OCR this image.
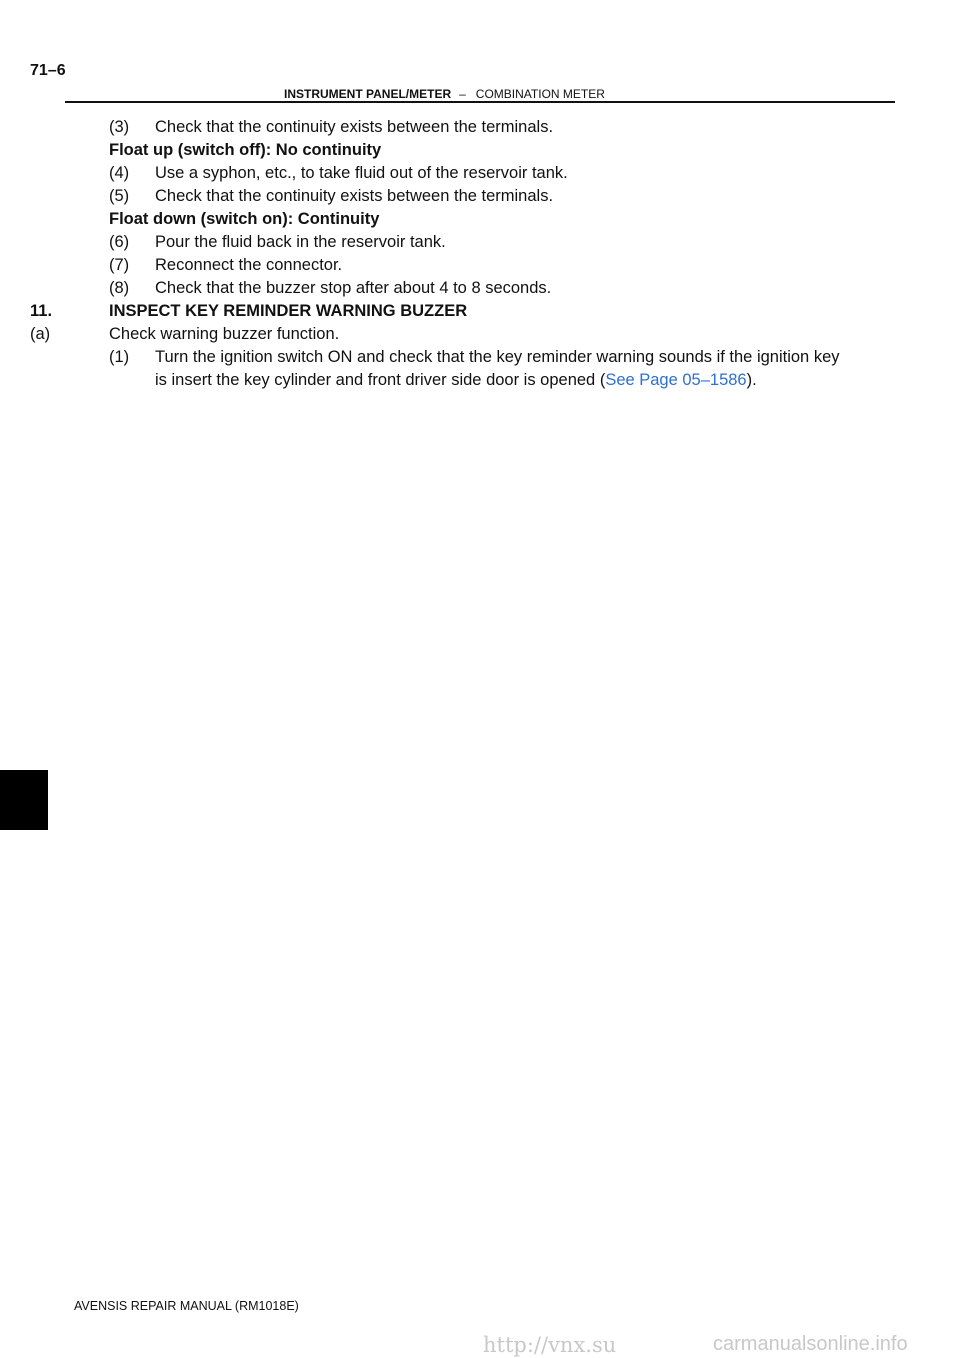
71–6
INSTRUMENT PANEL/METER – COMBINATION METER
(3) Check that the continuity exists between the terminals.
Float up (switch off): No continuity
(4) Use a syphon, etc., to take fluid out of the reservoir tank.
(5) Check that the continuity exists between the terminals.
Float down (switch on): Continuity
(6) Pour the fluid back in the reservoir tank.
(7) Reconnect the connector.
(8) Check that the buzzer stop after about 4 to 8 seconds.
11.	INSPECT KEY REMINDER WARNING BUZZER
(a)	Check warning buzzer function.
(1) Turn the ignition switch ON and check that the key reminder warning sounds if the ignition key
is insert the key cylinder and front driver side door is opened (See Page 05–1586).
AVENSIS REPAIR MANUAL (RM1018E)
http://vnx.su	carmanualsonline.info
